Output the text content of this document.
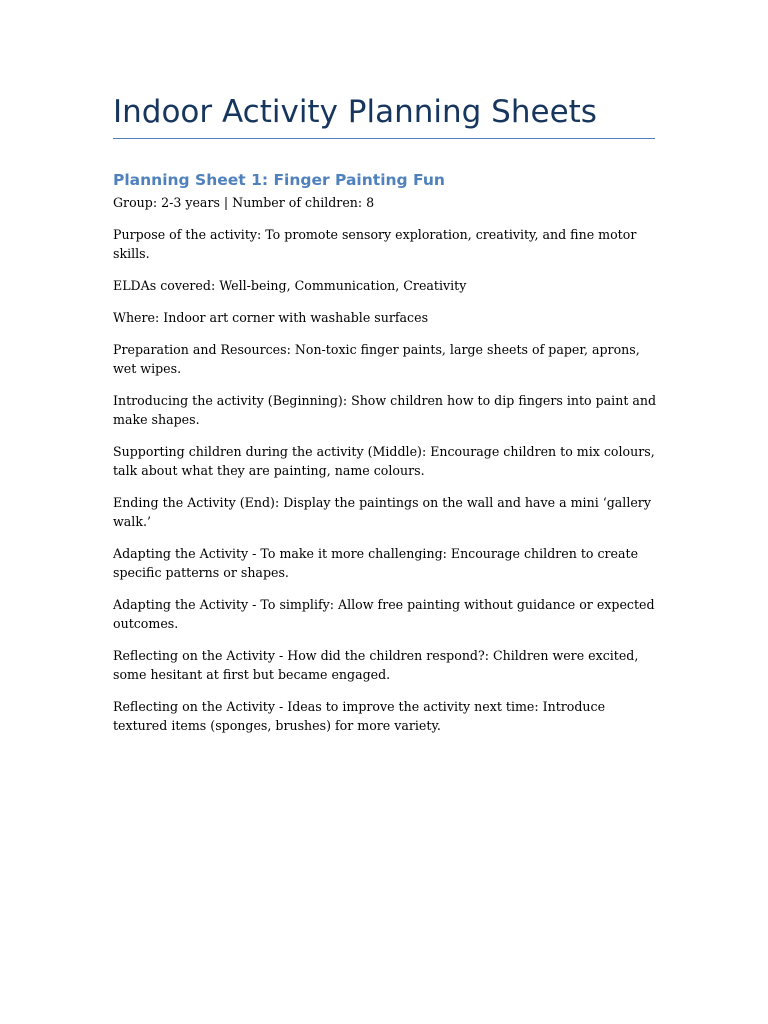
Indoor Activity Planning Sheets
Planning Sheet 1: Finger Painting Fun

Group: 2-3 years | Number of children: 8

Purpose of the activity: To promote sensory exploration, creativity, and fine motor skills.

ELDAs covered: Well-being, Communication, Creativity

Where: Indoor art corner with washable surfaces

Preparation and Resources: Non-toxic finger paints, large sheets of paper, aprons, wet wipes.

Introducing the activity (Beginning): Show children how to dip fingers into paint and make shapes.

Supporting children during the activity (Middle): Encourage children to mix colours, talk about what they are painting, name colours.

Ending the Activity (End): Display the paintings on the wall and have a mini ‘gallery walk.’

Adapting the Activity - To make it more challenging: Encourage children to create specific patterns or shapes.

Adapting the Activity - To simplify: Allow free painting without guidance or expected outcomes.

Reflecting on the Activity - How did the children respond?: Children were excited, some hesitant at first but became engaged.

Reflecting on the Activity - Ideas to improve the activity next time: Introduce textured items (sponges, brushes) for more variety.
